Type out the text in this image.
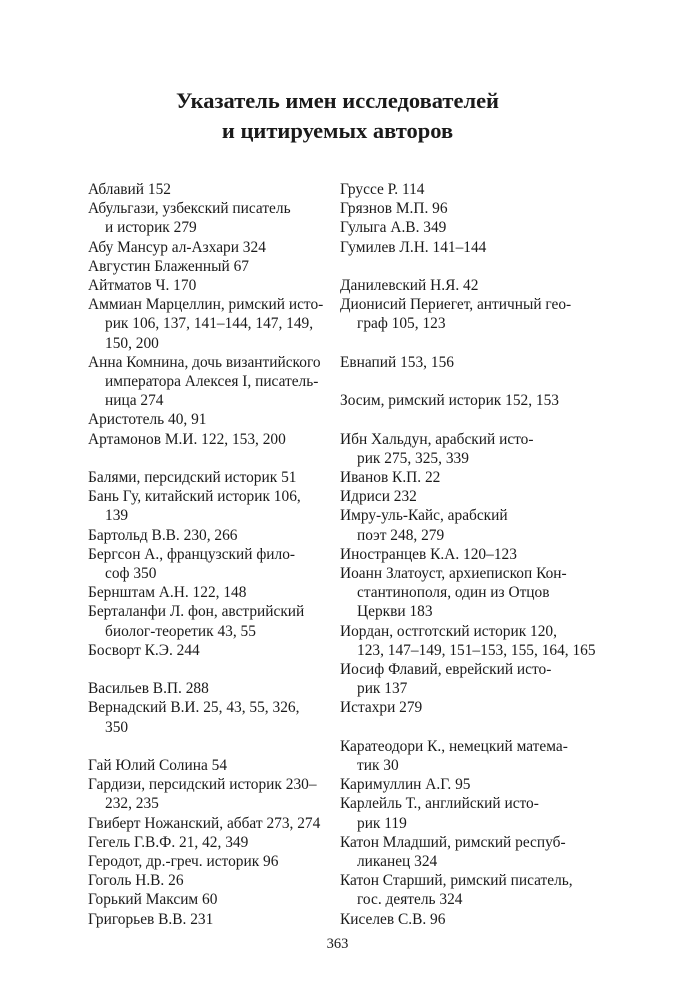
Указатель имен исследователей
и цитируемых авторов
Аблавий 152
Абульгази, узбекский писатель
и историк 279
Абу Мансур ал-Азхари 324
Августин Блаженный 67
Айтматов Ч. 170
Аммиан Марцеллин, римский исто-
рик 106, 137, 141–144, 147, 149,
150, 200
Анна Комнина, дочь византийского
императора Алексея I, писатель-
ница 274
Аристотель 40, 91
Артамонов М.И. 122, 153, 200
Балями, персидский историк 51
Бань Гу, китайский историк 106,
139
Бартольд В.В. 230, 266
Бергсон А., французский фило-
соф 350
Бернштам А.Н. 122, 148
Берталанфи Л. фон, австрийский
биолог-теоретик 43, 55
Босворт К.Э. 244
Васильев В.П. 288
Вернадский В.И. 25, 43, 55, 326,
350
Гай Юлий Солина 54
Гардизи, персидский историк 230–
232, 235
Гвиберт Ножанский, аббат 273, 274
Гегель Г.В.Ф. 21, 42, 349
Геродот, др.-греч. историк 96
Гоголь Н.В. 26
Горький Максим 60
Григорьев В.В. 231
Груссе Р. 114
Грязнов М.П. 96
Гулыга А.В. 349
Гумилев Л.Н. 141–144
Данилевский Н.Я. 42
Дионисий Периегет, античный гео-
граф 105, 123
Евнапий 153, 156
Зосим, римский историк 152, 153
Ибн Хальдун, арабский исто-
рик 275, 325, 339
Иванов К.П. 22
Идриси 232
Имру-уль-Кайс, арабский
поэт 248, 279
Иностранцев К.А. 120–123
Иоанн Златоуст, архиепископ Кон-
стантинополя, один из Отцов
Церкви 183
Иордан, остготский историк 120,
123, 147–149, 151–153, 155, 164, 165
Иосиф Флавий, еврейский исто-
рик 137
Истахри 279
Каратеодори К., немецкий матема-
тик 30
Каримуллин А.Г. 95
Карлейль Т., английский исто-
рик 119
Катон Младший, римский респуб-
ликанец 324
Катон Старший, римский писатель,
гос. деятель 324
Киселев С.В. 96
363
